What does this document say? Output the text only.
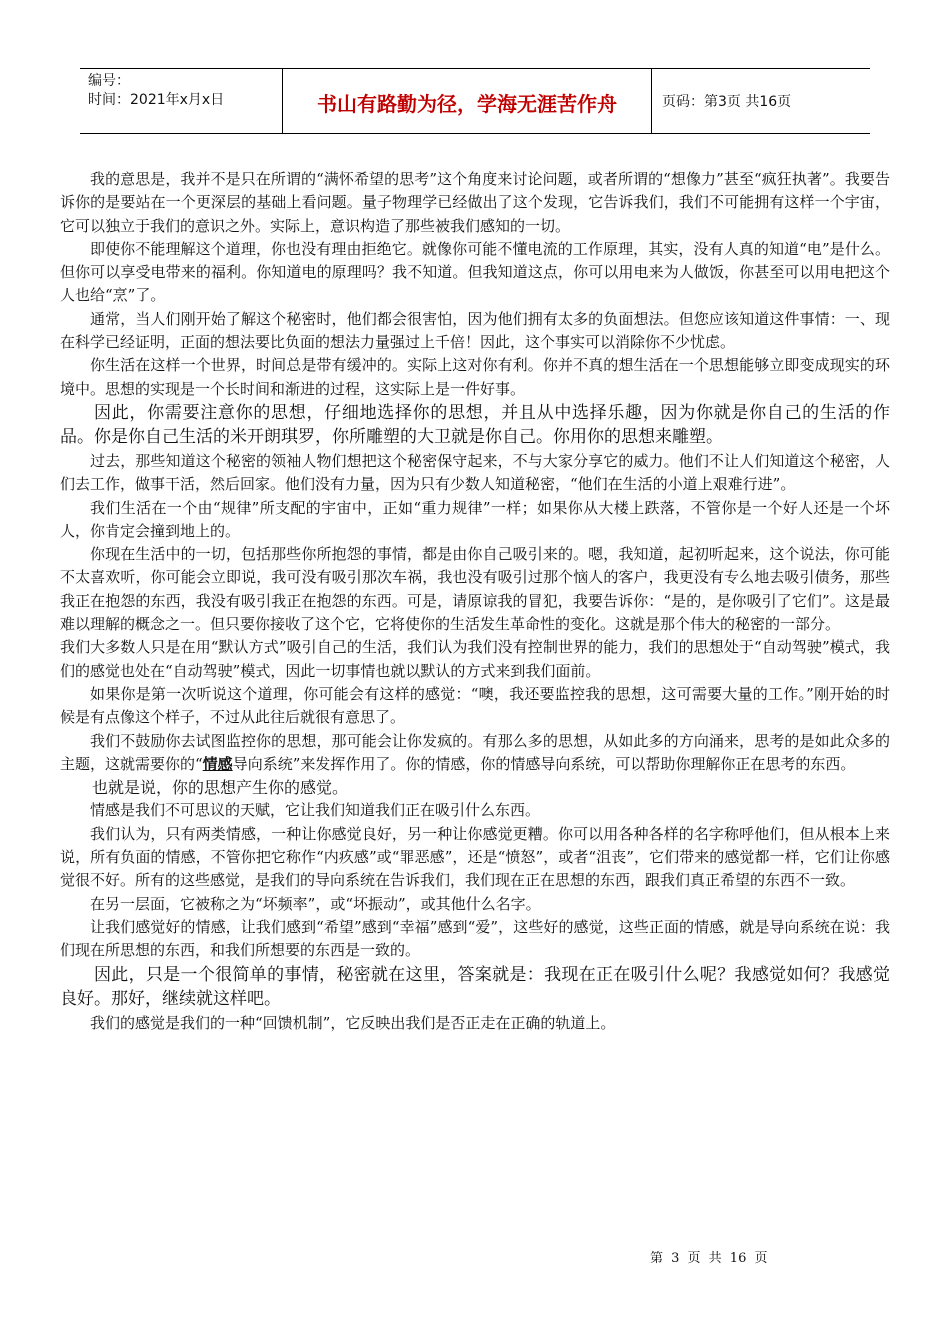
编号：
时间：2021年x月x日	书山有路勤为径，学海无涯苦作舟	页码：第3页 共16页

我的意思是，我并不是只在所谓的“满怀希望的思考”这个角度来讨论问题，或者所谓的“想像力”甚至“疯狂执著”。我要告诉你的是要站在一个更深层的基础上看问题。量子物理学已经做出了这个发现，它告诉我们，我们不可能拥有这样一个宇宙，它可以独立于我们的意识之外。实际上，意识构造了那些被我们感知的一切。

即使你不能理解这个道理，你也没有理由拒绝它。就像你可能不懂电流的工作原理，其实，没有人真的知道“电”是什么。但你可以享受电带来的福利。你知道电的原理吗？我不知道。但我知道这点，你可以用电来为人做饭，你甚至可以用电把这个人也给“烹”了。

通常，当人们刚开始了解这个秘密时，他们都会很害怕，因为他们拥有太多的负面想法。但您应该知道这件事情：一、现在科学已经证明，正面的想法要比负面的想法力量强过上千倍！因此，这个事实可以消除你不少忧虑。

你生活在这样一个世界，时间总是带有缓冲的。实际上这对你有利。你并不真的想生活在一个思想能够立即变成现实的环境中。思想的实现是一个长时间和渐进的过程，这实际上是一件好事。

因此，你需要注意你的思想，仔细地选择你的思想，并且从中选择乐趣，因为你就是你自己的生活的作品。你是你自己生活的米开朗琪罗，你所雕塑的大卫就是你自己。你用你的思想来雕塑。

过去，那些知道这个秘密的领袖人物们想把这个秘密保守起来，不与大家分享它的威力。他们不让人们知道这个秘密，人们去工作，做事干活，然后回家。他们没有力量，因为只有少数人知道秘密，“他们在生活的小道上艰难行进”。

我们生活在一个由“规律”所支配的宇宙中，正如“重力规律”一样；如果你从大楼上跌落，不管你是一个好人还是一个坏人，你肯定会撞到地上的。

你现在生活中的一切，包括那些你所抱怨的事情，都是由你自己吸引来的。嗯，我知道，起初听起来，这个说法，你可能不太喜欢听，你可能会立即说，我可没有吸引那次车祸，我也没有吸引过那个恼人的客户，我更没有专么地去吸引债务，那些我正在抱怨的东西，我没有吸引我正在抱怨的东西。可是，请原谅我的冒犯，我要告诉你：“是的，是你吸引了它们”。这是最难以理解的概念之一。但只要你接收了这个它，它将使你的生活发生革命性的变化。这就是那个伟大的秘密的一部分。

我们大多数人只是在用“默认方式”吸引自己的生活，我们认为我们没有控制世界的能力，我们的思想处于“自动驾驶”模式，我们的感觉也处在“自动驾驶”模式，因此一切事情也就以默认的方式来到我们面前。

如果你是第一次听说这个道理，你可能会有这样的感觉：“噢，我还要监控我的思想，这可需要大量的工作。”刚开始的时候是有点像这个样子，不过从此往后就很有意思了。

我们不鼓励你去试图监控你的思想，那可能会让你发疯的。有那么多的思想，从如此多的方向涌来，思考的是如此众多的主题，这就需要你的“情感导向系统”来发挥作用了。你的情感，你的情感导向系统，可以帮助你理解你正在思考的东西。

也就是说，你的思想产生你的感觉。

情感是我们不可思议的天赋，它让我们知道我们正在吸引什么东西。

我们认为，只有两类情感，一种让你感觉良好，另一种让你感觉更糟。你可以用各种各样的名字称呼他们，但从根本上来说，所有负面的情感，不管你把它称作“内疚感”或“罪恶感”，还是“愤怒”，或者“沮丧”，它们带来的感觉都一样，它们让你感觉很不好。所有的这些感觉，是我们的导向系统在告诉我们，我们现在正在思想的东西，跟我们真正希望的东西不一致。

在另一层面，它被称之为“坏频率”，或“坏振动”，或其他什么名字。

让我们感觉好的情感，让我们感到“希望”感到“幸福”感到“爱”，这些好的感觉，这些正面的情感，就是导向系统在说：我们现在所思想的东西，和我们所想要的东西是一致的。

因此，只是一个很简单的事情，秘密就在这里，答案就是：我现在正在吸引什么呢？我感觉如何？我感觉良好。那好，继续就这样吧。

我们的感觉是我们的一种“回馈机制”，它反映出我们是否正走在正确的轨道上。

第 3 页 共 16 页
